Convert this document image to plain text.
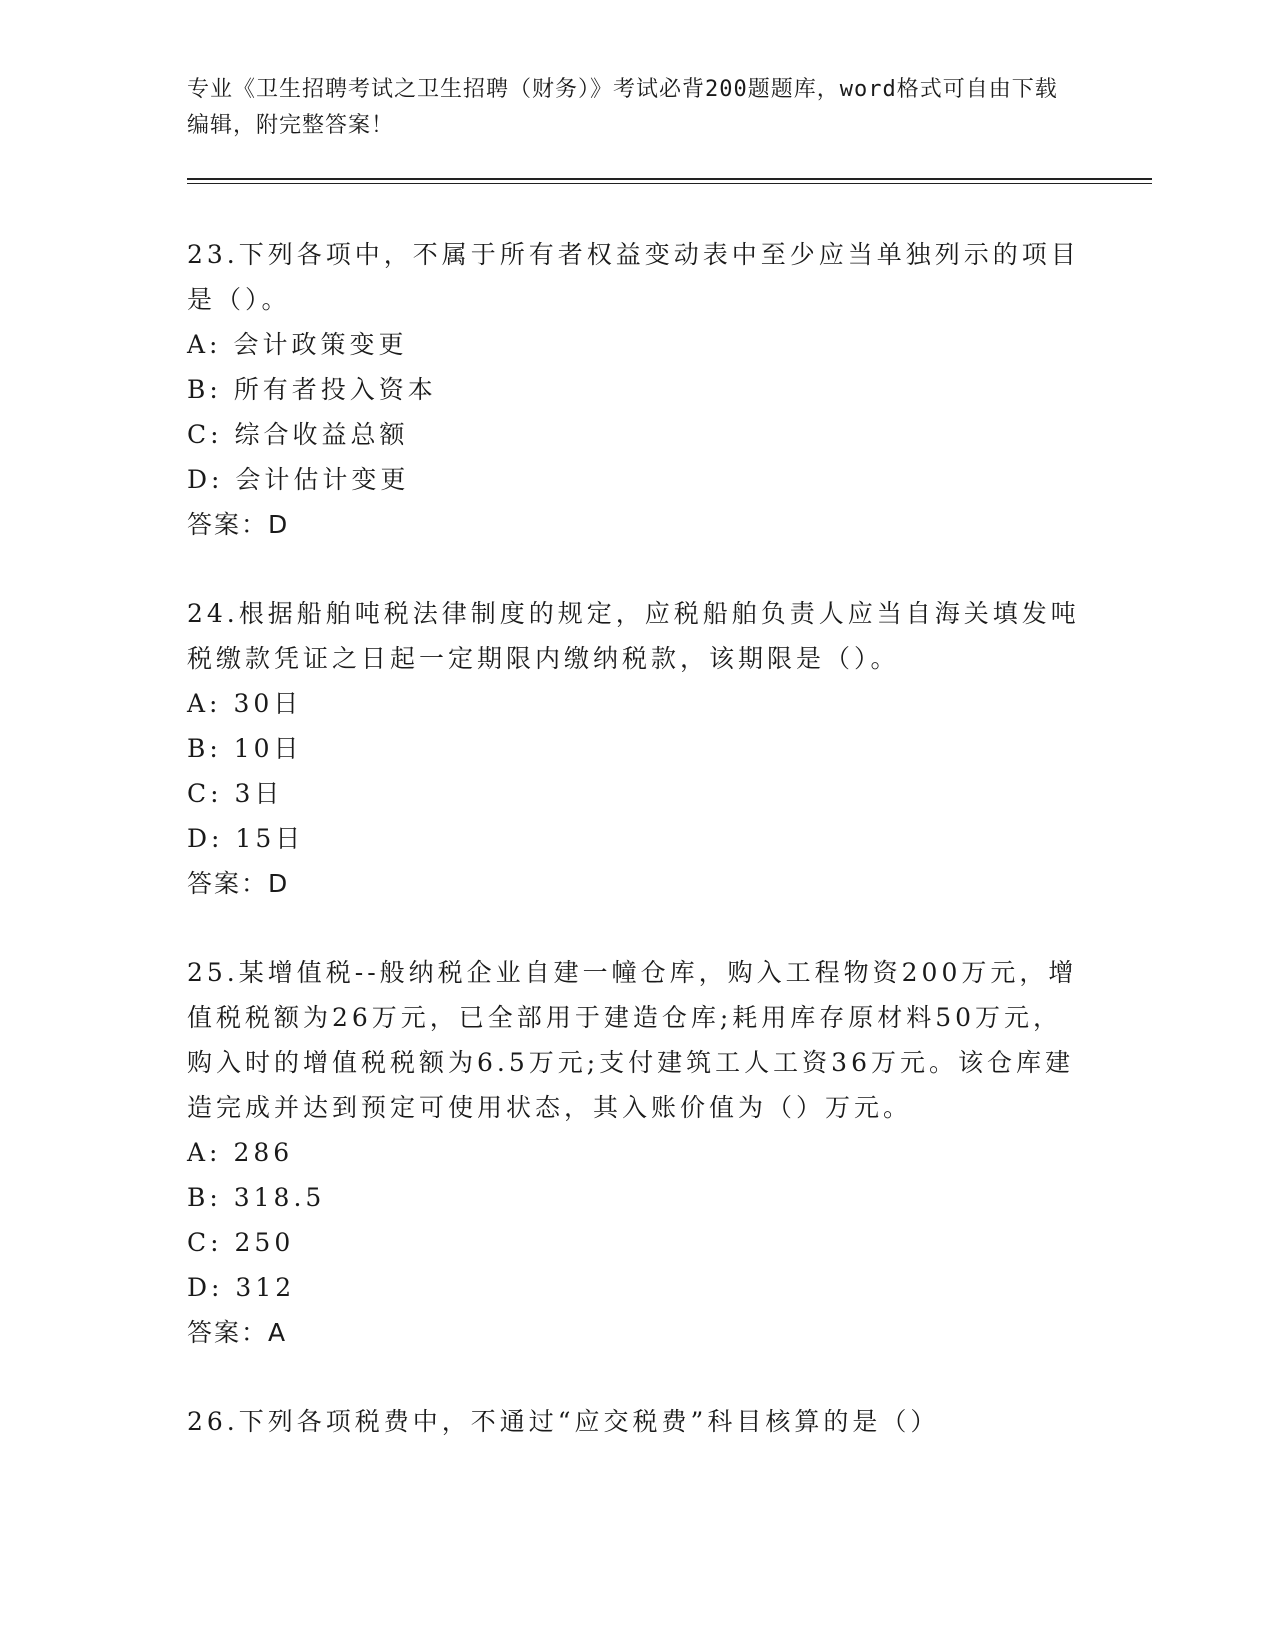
专业《卫生招聘考试之卫生招聘（财务）》考试必背200题题库，word格式可自由下载编辑，附完整答案！

23.下列各项中，不属于所有者权益变动表中至少应当单独列示的项目是（）。

A: 会计政策变更

B: 所有者投入资本

C: 综合收益总额

D: 会计估计变更

答案：D

24.根据船舶吨税法律制度的规定，应税船舶负责人应当自海关填发吨税缴款凭证之日起一定期限内缴纳税款，该期限是（）。

A: 30日

B: 10日

C: 3日

D: 15日

答案：D

25.某增值税--般纳税企业自建一幢仓库，购入工程物资200万元，增值税税额为26万元，已全部用于建造仓库;耗用库存原材料50万元，购入时的增值税税额为6.5万元;支付建筑工人工资36万元。该仓库建造完成并达到预定可使用状态，其入账价值为（）万元。

A: 286

B: 318.5

C: 250

D: 312

答案：A

26.下列各项税费中，不通过“应交税费”科目核算的是（）
